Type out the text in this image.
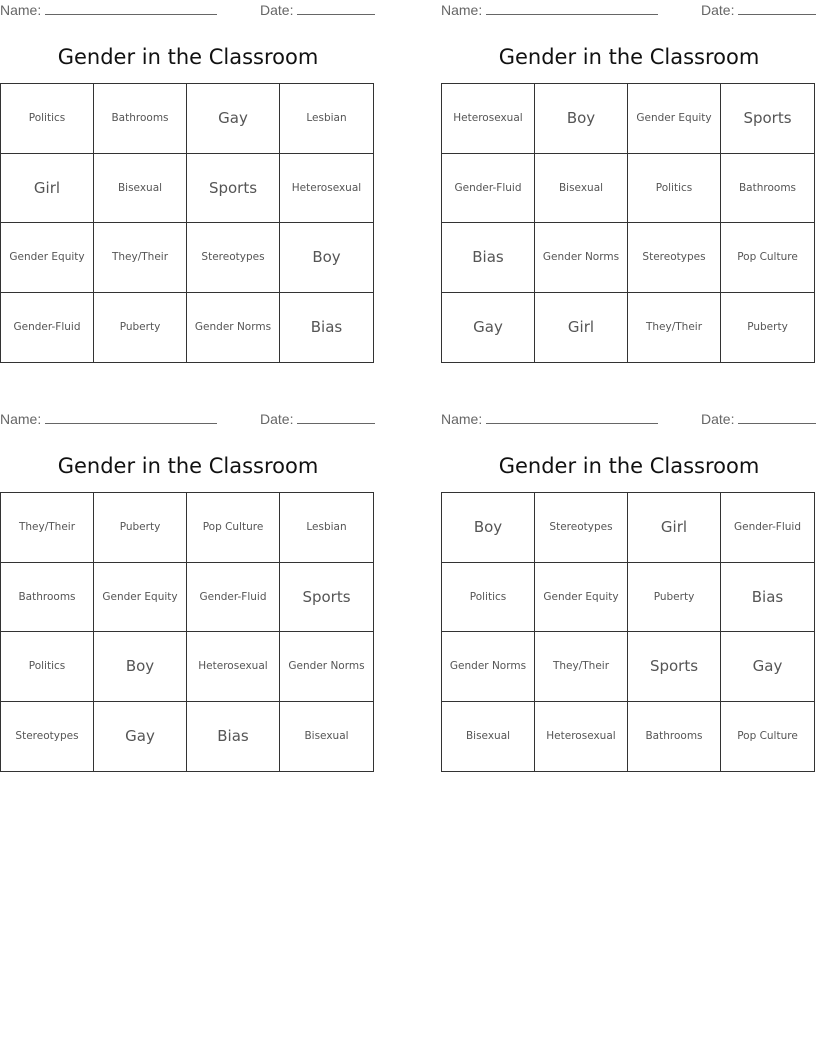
Name:	Date:
Gender in the Classroom
Politics	Bathrooms	Gay	Lesbian
Girl	Bisexual	Sports	Heterosexual
Gender Equity	They/Their	Stereotypes	Boy
Gender-Fluid	Puberty	Gender Norms	Bias
Name:	Date:
Gender in the Classroom
Heterosexual	Boy	Gender Equity	Sports
Gender-Fluid	Bisexual	Politics	Bathrooms
Bias	Gender Norms	Stereotypes	Pop Culture
Gay	Girl	They/Their	Puberty
Name:	Date:
Gender in the Classroom
They/Their	Puberty	Pop Culture	Lesbian
Bathrooms	Gender Equity	Gender-Fluid	Sports
Politics	Boy	Heterosexual	Gender Norms
Stereotypes	Gay	Bias	Bisexual
Name:	Date:
Gender in the Classroom
Boy	Stereotypes	Girl	Gender-Fluid
Politics	Gender Equity	Puberty	Bias
Gender Norms	They/Their	Sports	Gay
Bisexual	Heterosexual	Bathrooms	Pop Culture
